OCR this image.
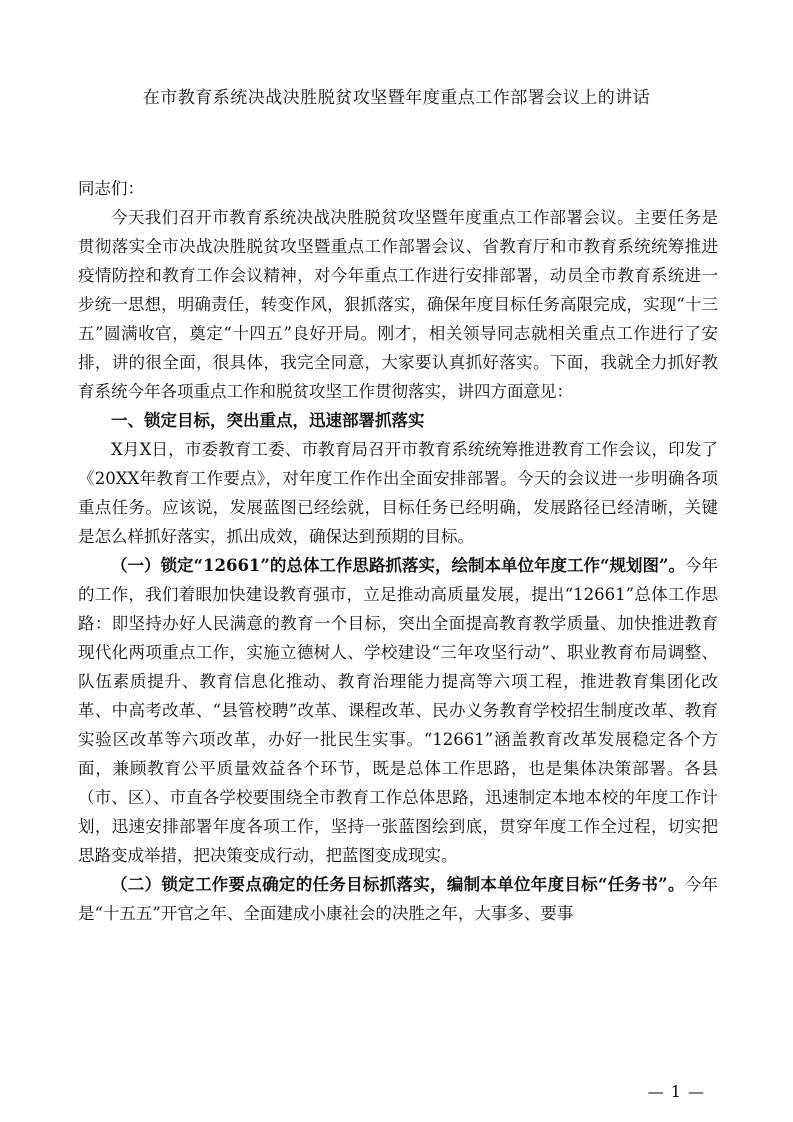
在市教育系统决战决胜脱贫攻坚暨年度重点工作部署会议上的讲话

同志们：

今天我们召开市教育系统决战决胜脱贫攻坚暨年度重点工作部署会议。主要任务是贯彻落实全市决战决胜脱贫攻坚暨重点工作部署会议、省教育厅和市教育系统统筹推进疫情防控和教育工作会议精神，对今年重点工作进行安排部署，动员全市教育系统进一步统一思想，明确责任，转变作风，狠抓落实，确保年度目标任务高限完成，实现“十三五”圆满收官，奠定“十四五”良好开局。刚才，相关领导同志就相关重点工作进行了安排，讲的很全面，很具体，我完全同意，大家要认真抓好落实。下面，我就全力抓好教育系统今年各项重点工作和脱贫攻坚工作贯彻落实，讲四方面意见：

一、锁定目标，突出重点，迅速部署抓落实

X月X日，市委教育工委、市教育局召开市教育系统统筹推进教育工作会议，印发了《20XX年教育工作要点》，对年度工作作出全面安排部署。今天的会议进一步明确各项重点任务。应该说，发展蓝图已经绘就，目标任务已经明确，发展路径已经清晰，关键是怎么样抓好落实，抓出成效，确保达到预期的目标。

（一）锁定“12661”的总体工作思路抓落实，绘制本单位年度工作“规划图”。今年的工作，我们着眼加快建设教育强市，立足推动高质量发展，提出“12661”总体工作思路：即坚持办好人民满意的教育一个目标，突出全面提高教育教学质量、加快推进教育现代化两项重点工作，实施立德树人、学校建设“三年攻坚行动”、职业教育布局调整、队伍素质提升、教育信息化推动、教育治理能力提高等六项工程，推进教育集团化改革、中高考改革、“县管校聘”改革、课程改革、民办义务教育学校招生制度改革、教育实验区改革等六项改革，办好一批民生实事。“12661”涵盖教育改革发展稳定各个方面，兼顾教育公平质量效益各个环节，既是总体工作思路，也是集体决策部署。各县（市、区）、市直各学校要围绕全市教育工作总体思路，迅速制定本地本校的年度工作计划，迅速安排部署年度各项工作，坚持一张蓝图绘到底，贯穿年度工作全过程，切实把思路变成举措，把决策变成行动，把蓝图变成现实。

（二）锁定工作要点确定的任务目标抓落实，编制本单位年度目标“任务书”。今年是“十五五”开官之年、全面建成小康社会的决胜之年，大事多、要事

— 1 —
